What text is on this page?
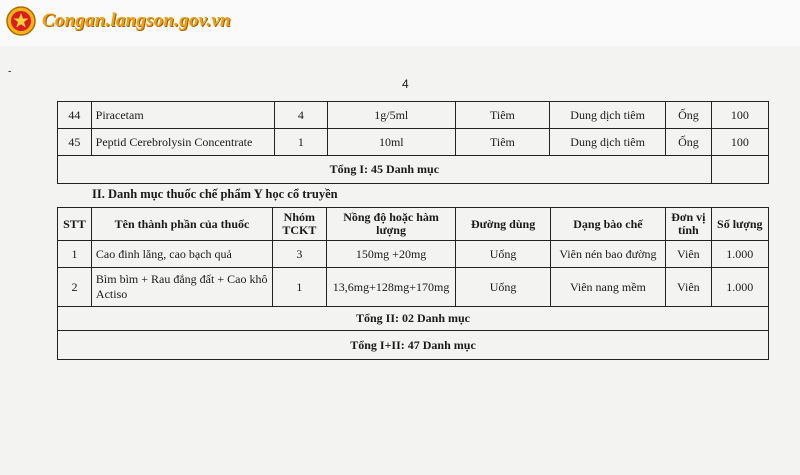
Congan.langson.gov.vn
-
4
44	Piracetam	4	1g/5ml	Tiêm	Dung dịch tiêm	Ống	100
45	Peptid Cerebrolysin Concentrate	1	10ml	Tiêm	Dung dịch tiêm	Ống	100
Tổng I: 45 Danh mục							
II. Danh mục thuốc chế phẩm Y học cổ truyền
STT	Tên thành phần của thuốc	Nhóm TCKT	Nồng độ hoặc hàm lượng	Đường dùng	Dạng bào chế	Đơn vị tính	Số lượng
1	Cao đinh lăng, cao bạch quả	3	150mg +20mg	Uống	Viên nén bao đường	Viên	1.000
2	Bìm bìm + Rau đắng đất + Cao khô Actiso	1	13,6mg+128mg+170mg	Uống	Viên nang mềm	Viên	1.000
Tổng II: 02 Danh mục							
Tổng I+II: 47 Danh mục							
